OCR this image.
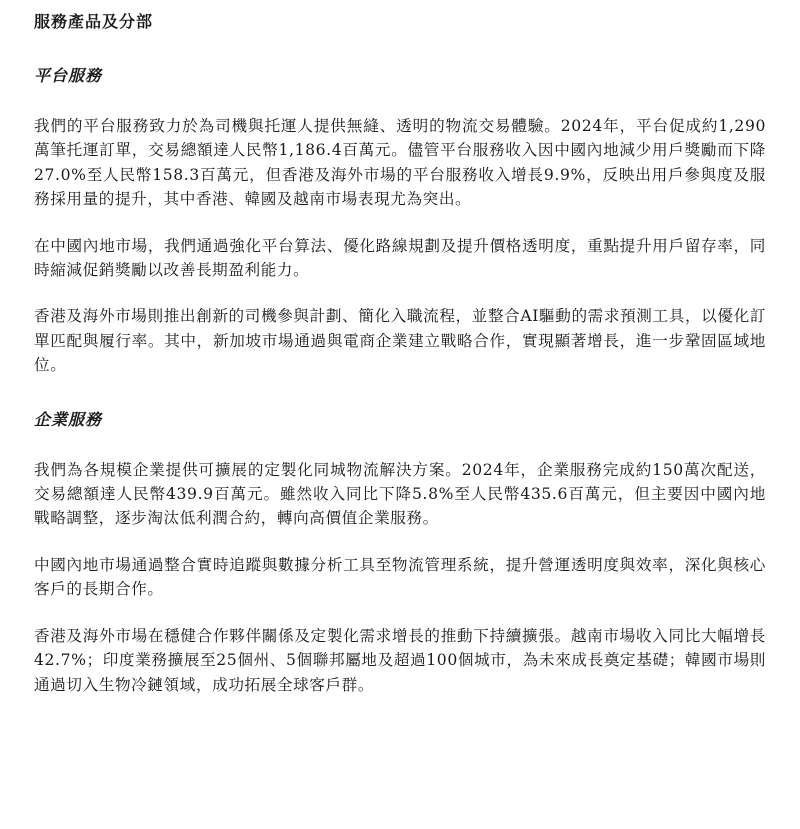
服務產品及分部
平台服務

我們的平台服務致力於為司機與托運人提供無縫、透明的物流交易體驗。2024年，平台促成約1,290萬筆托運訂單，交易總額達人民幣1,186.4百萬元。儘管平台服務收入因中國內地減少用戶獎勵而下降27.0%至人民幣158.3百萬元，但香港及海外市場的平台服務收入增長9.9%，反映出用戶參與度及服務採用量的提升，其中香港、韓國及越南市場表現尤為突出。

在中國內地市場，我們通過強化平台算法、優化路線規劃及提升價格透明度，重點提升用戶留存率，同時縮減促銷獎勵以改善長期盈利能力。

香港及海外市場則推出創新的司機參與計劃、簡化入職流程，並整合AI驅動的需求預測工具，以優化訂單匹配與履行率。其中，新加坡市場通過與電商企業建立戰略合作，實現顯著增長，進一步鞏固區域地位。

企業服務

我們為各規模企業提供可擴展的定製化同城物流解決方案。2024年，企業服務完成約150萬次配送，交易總額達人民幣439.9百萬元。雖然收入同比下降5.8%至人民幣435.6百萬元，但主要因中國內地戰略調整，逐步淘汰低利潤合約，轉向高價值企業服務。

中國內地市場通過整合實時追蹤與數據分析工具至物流管理系統，提升營運透明度與效率，深化與核心客戶的長期合作。

香港及海外市場在穩健合作夥伴關係及定製化需求增長的推動下持續擴張。越南市場收入同比大幅增長42.7%；印度業務擴展至25個州、5個聯邦屬地及超過100個城市，為未來成長奠定基礎；韓國市場則通過切入生物冷鏈領域，成功拓展全球客戶群。
